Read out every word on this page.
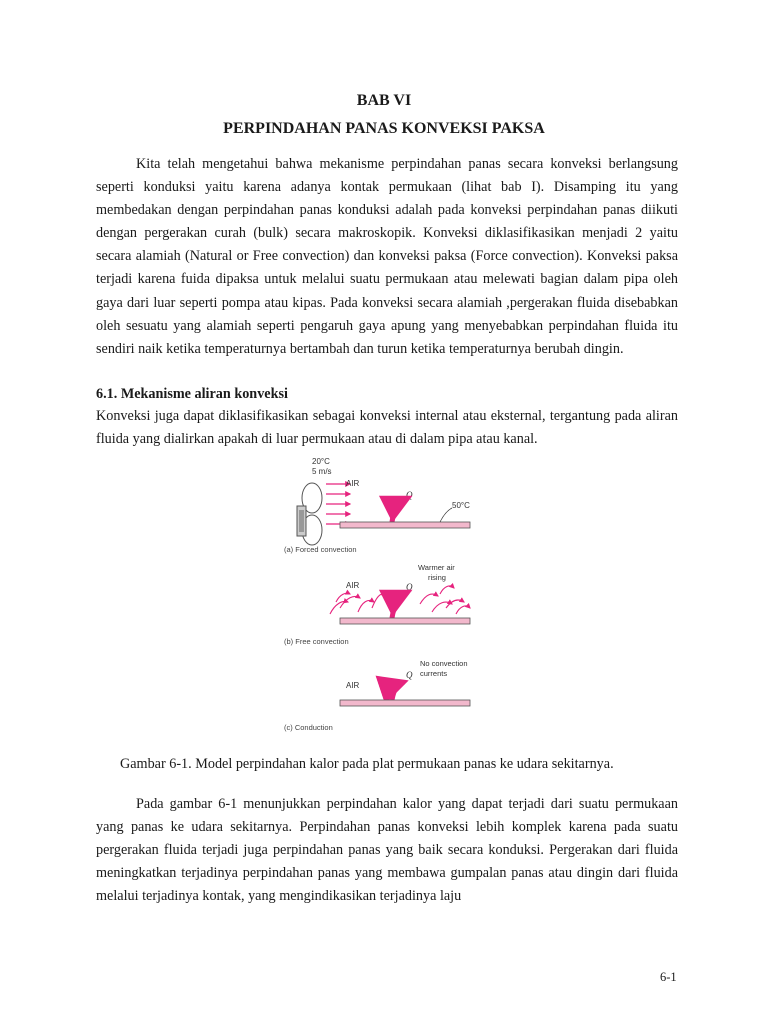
BAB VI
PERPINDAHAN PANAS KONVEKSI PAKSA

Kita telah mengetahui bahwa mekanisme perpindahan panas secara konveksi berlangsung seperti konduksi yaitu karena adanya kontak permukaan (lihat bab I). Disamping itu yang membedakan dengan perpindahan panas konduksi adalah pada konveksi perpindahan panas diikuti dengan pergerakan curah (bulk) secara makroskopik. Konveksi diklasifikasikan menjadi 2 yaitu secara alamiah (Natural or Free convection) dan konveksi paksa (Force convection). Konveksi paksa terjadi karena fuida dipaksa untuk melalui suatu permukaan atau melewati bagian dalam pipa oleh gaya dari luar seperti pompa atau kipas. Pada konveksi secara alamiah ,pergerakan fluida disebabkan oleh sesuatu yang alamiah seperti pengaruh gaya apung yang menyebabkan perpindahan fluida itu sendiri naik ketika temperaturnya bertambah dan turun ketika temperaturnya berubah dingin.

6.1. Mekanisme aliran konveksi

Konveksi juga dapat diklasifikasikan sebagai konveksi internal atau eksternal, tergantung pada aliran fluida yang dialirkan apakah di luar permukaan atau di dalam pipa atau kanal.

20°C
5 m/s
AIR
Q
50°C
(a) Forced convection
Warmer air
rising
AIR	Q
(b) Free convection
No convection
currents
Q
AIR
(c) Conduction

Gambar 6-1. Model perpindahan kalor pada plat permukaan panas ke udara sekitarnya.

Pada gambar 6-1 menunjukkan perpindahan kalor yang dapat terjadi dari suatu permukaan yang panas ke udara sekitarnya. Perpindahan panas konveksi lebih komplek karena pada suatu pergerakan fluida terjadi juga perpindahan panas yang baik secara konduksi. Pergerakan dari fluida meningkatkan terjadinya perpindahan panas yang membawa gumpalan panas atau dingin dari fluida melalui terjadinya kontak, yang mengindikasikan terjadinya laju

6-1
